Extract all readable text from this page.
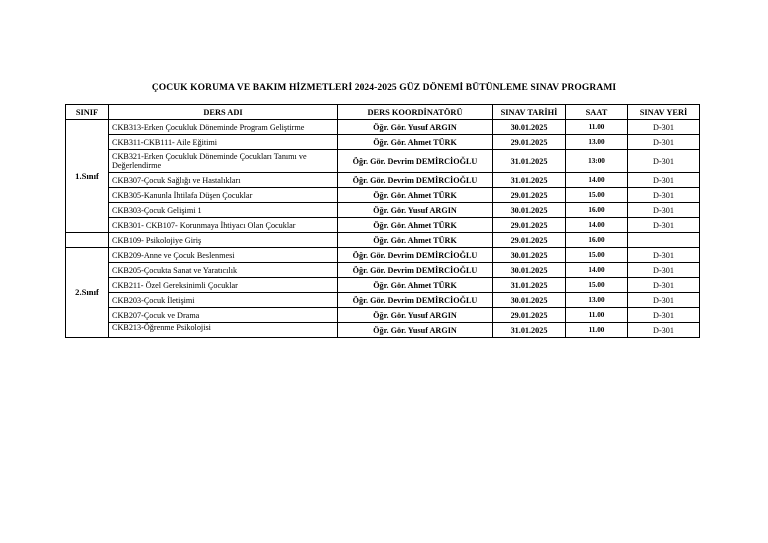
ÇOCUK KORUMA VE BAKIM HİZMETLERİ 2024-2025 GÜZ DÖNEMİ BÜTÜNLEME SINAV PROGRAMI
SINIF	DERS ADI	DERS KOORDİNATÖRÜ	SINAV TARİHİ	SAAT	SINAV YERİ
1.Sınıf	CKB313-Erken Çocukluk Döneminde Program Geliştirme	Öğr. Gör. Yusuf ARGIN	30.01.2025	11.00	D-301
	CKB311-CKB111- Aile Eğitimi	Öğr. Gör. Ahmet TÜRK	29.01.2025	13.00	D-301
	CKB321-Erken Çocukluk Döneminde Çocukları Tanımı ve Değerlendirme	Öğr. Gör. Devrim DEMİRCİOĞLU	31.01.2025	13:00	D-301
	CKB307-Çocuk Sağlığı ve Hastalıkları	Öğr. Gör. Devrim DEMİRCİOĞLU	31.01.2025	14.00	D-301
	CKB305-Kanunla İhtilafa Düşen Çocuklar	Öğr. Gör. Ahmet TÜRK	29.01.2025	15.00	D-301
	CKB303-Çocuk Gelişimi 1	Öğr. Gör. Yusuf ARGIN	30.01.2025	16.00	D-301
	CKB301- CKB107- Korunmaya İhtiyacı Olan Çocuklar	Öğr. Gör. Ahmet TÜRK	29.01.2025	14.00	D-301
	CKB109- Psikolojiye Giriş	Öğr. Gör. Ahmet TÜRK	29.01.2025	16.00	
2.Sınıf	CKB209-Anne ve Çocuk Beslenmesi	Öğr. Gör. Devrim DEMİRCİOĞLU	30.01.2025	15.00	D-301
	CKB205-Çocukta Sanat ve Yaratıcılık	Öğr. Gör. Devrim DEMİRCİOĞLU	30.01.2025	14.00	D-301
	CKB211- Özel Gereksinimli Çocuklar	Öğr. Gör. Ahmet TÜRK	31.01.2025	15.00	D-301
	CKB203-Çocuk İletişimi	Öğr. Gör. Devrim DEMİRCİOĞLU	30.01.2025	13.00	D-301
	CKB207-Çocuk ve Drama	Öğr. Gör. Yusuf ARGIN	29.01.2025	11.00	D-301
	CKB213-Öğrenme Psikolojisi	Öğr. Gör. Yusuf ARGIN	31.01.2025	11.00	D-301
